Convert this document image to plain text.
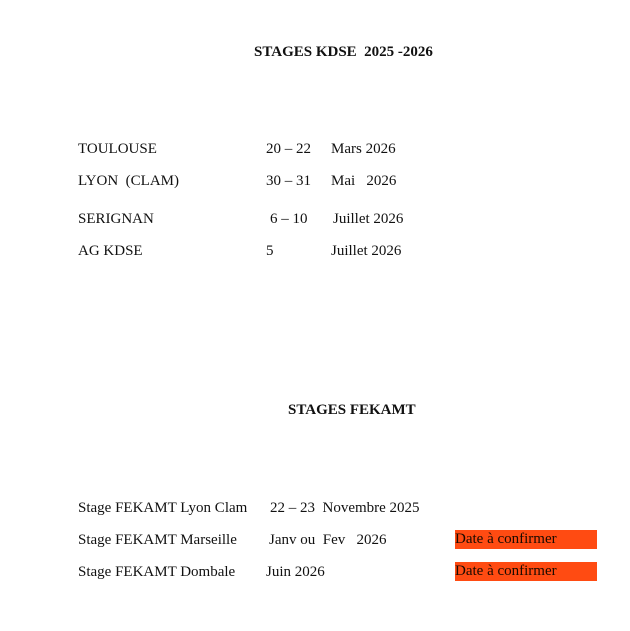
STAGES KDSE  2025 -2026
TOULOUSE	20 – 22 Mars 2026
LYON  (CLAM)	30 – 31 Mai   2026
SERIGNAN	6 – 10 Juillet 2026
AG KDSE	5	Juillet 2026
STAGES FEKAMT
Stage FEKAMT Lyon Clam 22 – 23  Novembre 2025
Stage FEKAMT Marseille Janv ou  Fev   2026	Date à confirmer
Stage FEKAMT Dombale Juin 2026	Date à confirmer
